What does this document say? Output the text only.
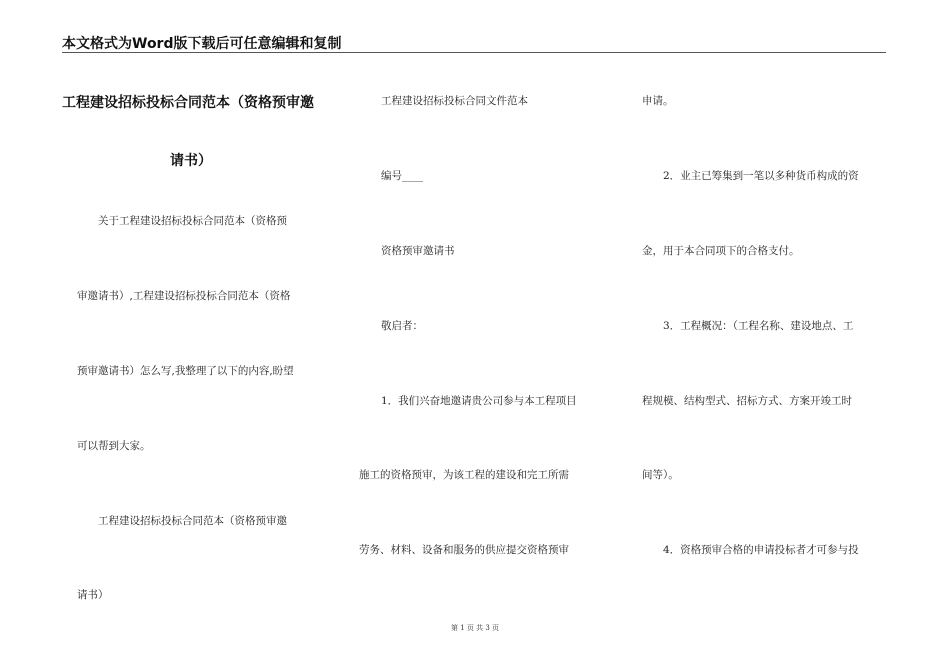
本文格式为Word版下载后可任意编辑和复制
工程建设招标投标合同范本（资格预审邀
请书）
关于工程建设招标投标合同范本（资格预
审邀请书）,工程建设招标投标合同范本（资格
预审邀请书）怎么写,我整理了以下的内容,盼望
可以帮到大家。
工程建设招标投标合同范本（资格预审邀
请书）
工程建设招标投标合同文件范本
编号____
资格预审邀请书
敬启者：
1．我们兴奋地邀请贵公司参与本工程项目
施工的资格预审，为该工程的建设和完工所需
劳务、材料、设备和服务的供应提交资格预审
申请。
2．业主已筹集到一笔以多种货币构成的资
金，用于本合同项下的合格支付。
3．工程概况：（工程名称、建设地点、工
程规模、结构型式、招标方式、方案开竣工时
间等）。
4．资格预审合格的申请投标者才可参与投
第 1 页 共 3 页
